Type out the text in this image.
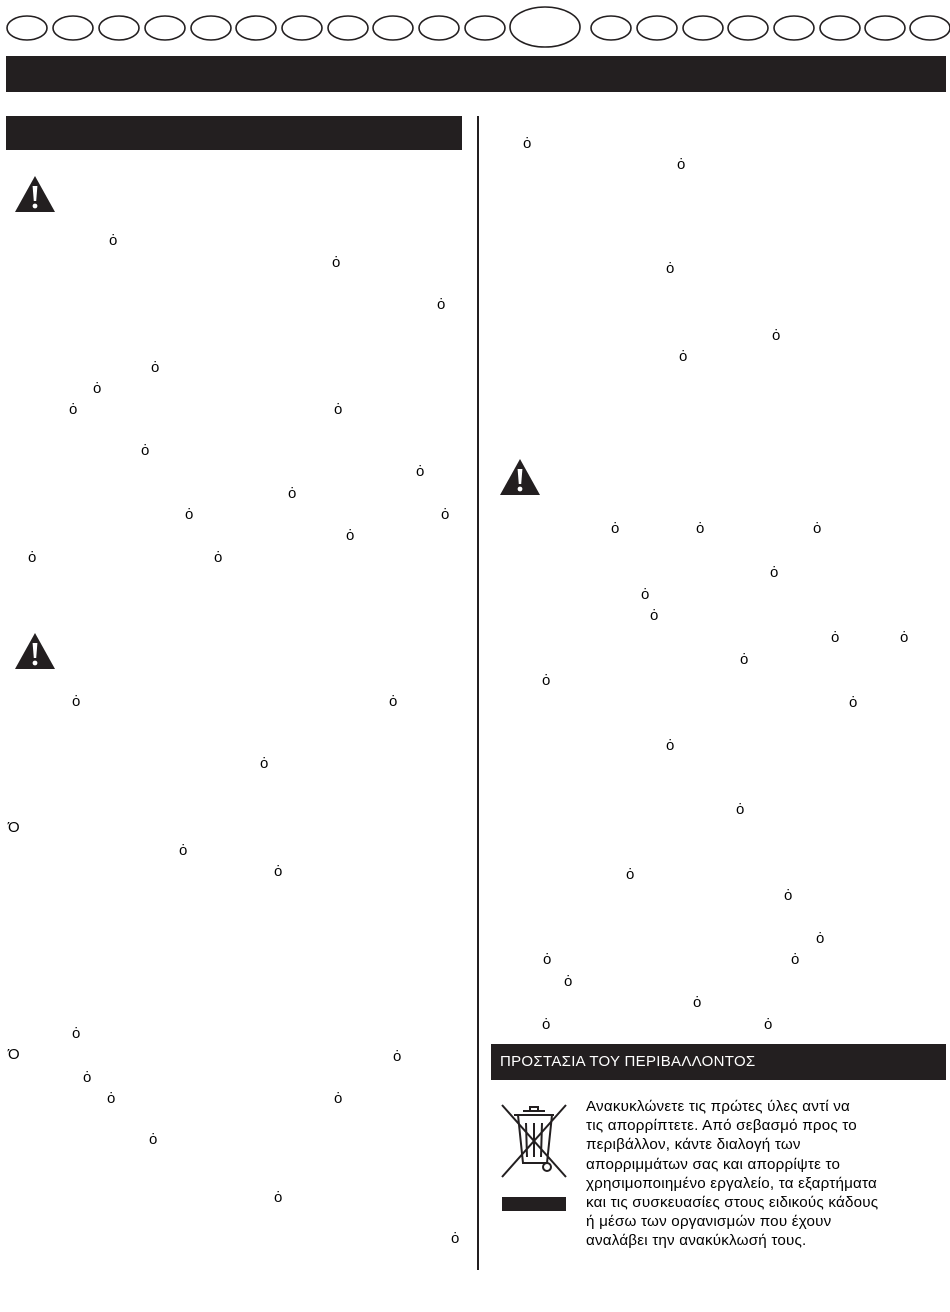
ȯ
ȯ
ȯ
ȯ
ȯ
ȯ	ȯ
ȯ
ȯ
ȯ
ȯ	ȯ
ȯ
ȯ	ȯ
ȯ	ȯ
ȯ
ȯ
ȯ
ȯ
ȯ
ȯ
ȯ	ȯ
ȯ
ȯ
ȯ
ȯ
ȯ
ȯ
ȯ
ȯ
ȯ	ȯ	ȯ
ȯ
ȯ
ȯ
ȯ	ȯ
ȯ
ȯ
ȯ
ȯ
ȯ
ȯ
ȯ
ȯ
ȯ	ȯ
ȯ
ȯ
ȯ	ȯ
Ό
Ό	ΠΡΟΣΤΑΣΙΑ ΤΟΥ ΠΕΡΙΒΑΛΛΟΝΤΟΣ
Ανακυκλώνετε τις πρώτες ύλες αντί να
τις απορρίπτετε. Από σεβασμό προς το
περιβάλλον, κάντε διαλογή των
απορριμμάτων σας και απορρίψτε το
χρησιμοποιημένο εργαλείο, τα εξαρτήματα
και τις συσκευασίες στους ειδικούς κάδους
ή μέσω των οργανισμών που έχουν
αναλάβει την ανακύκλωσή τους.
